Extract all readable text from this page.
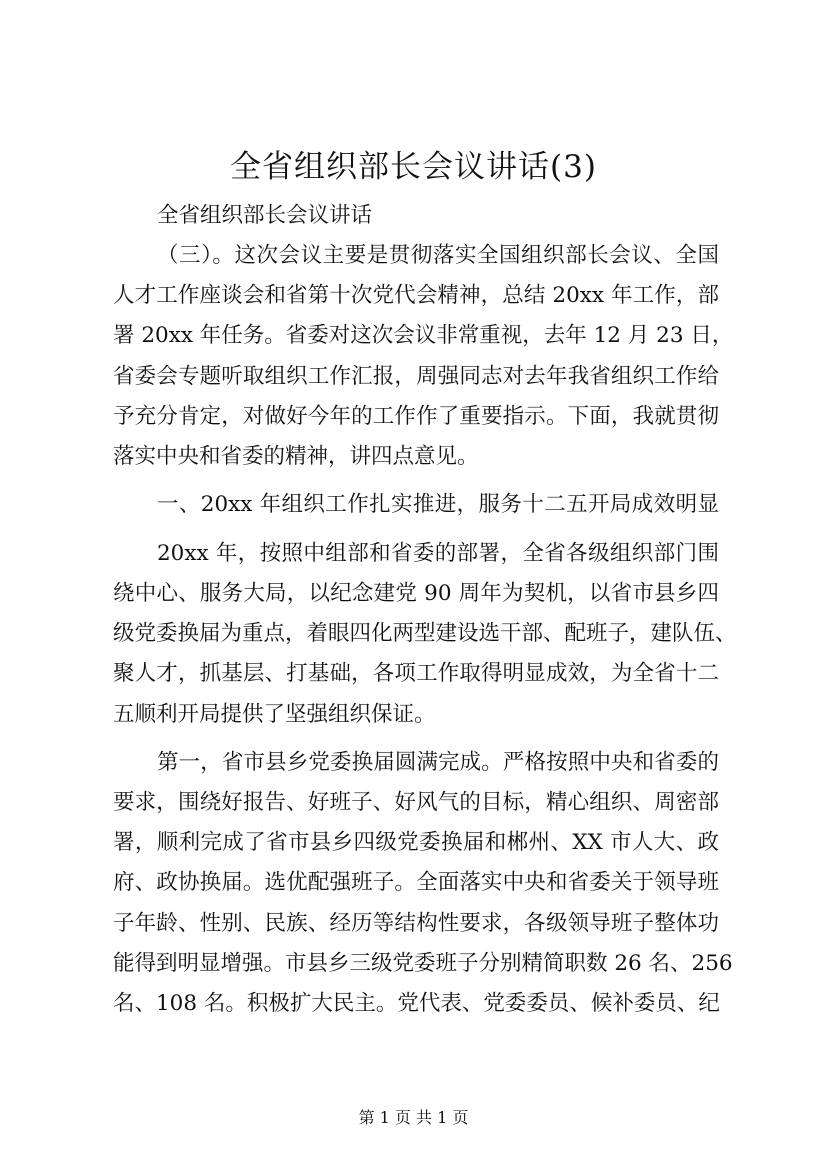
全省组织部长会议讲话(3)

全省组织部长会议讲话

（三）。这次会议主要是贯彻落实全国组织部长会议、全国

人才工作座谈会和省第十次党代会精神，总结 20xx 年工作，部

署 20xx 年任务。省委对这次会议非常重视，去年 12 月 23 日，

省委会专题听取组织工作汇报，周强同志对去年我省组织工作给

予充分肯定，对做好今年的工作作了重要指示。下面，我就贯彻

落实中央和省委的精神，讲四点意见。

一、20xx 年组织工作扎实推进，服务十二五开局成效明显

20xx 年，按照中组部和省委的部署，全省各级组织部门围

绕中心、服务大局，以纪念建党 90 周年为契机，以省市县乡四

级党委换届为重点，着眼四化两型建设选干部、配班子，建队伍、

聚人才，抓基层、打基础，各项工作取得明显成效，为全省十二

五顺利开局提供了坚强组织保证。

第一，省市县乡党委换届圆满完成。严格按照中央和省委的

要求，围绕好报告、好班子、好风气的目标，精心组织、周密部

署，顺利完成了省市县乡四级党委换届和郴州、XX 市人大、政

府、政协换届。选优配强班子。全面落实中央和省委关于领导班

子年龄、性别、民族、经历等结构性要求，各级领导班子整体功

能得到明显增强。市县乡三级党委班子分别精简职数 26 名、256

名、108 名。积极扩大民主。党代表、党委委员、候补委员、纪

第 1 页 共 1 页
